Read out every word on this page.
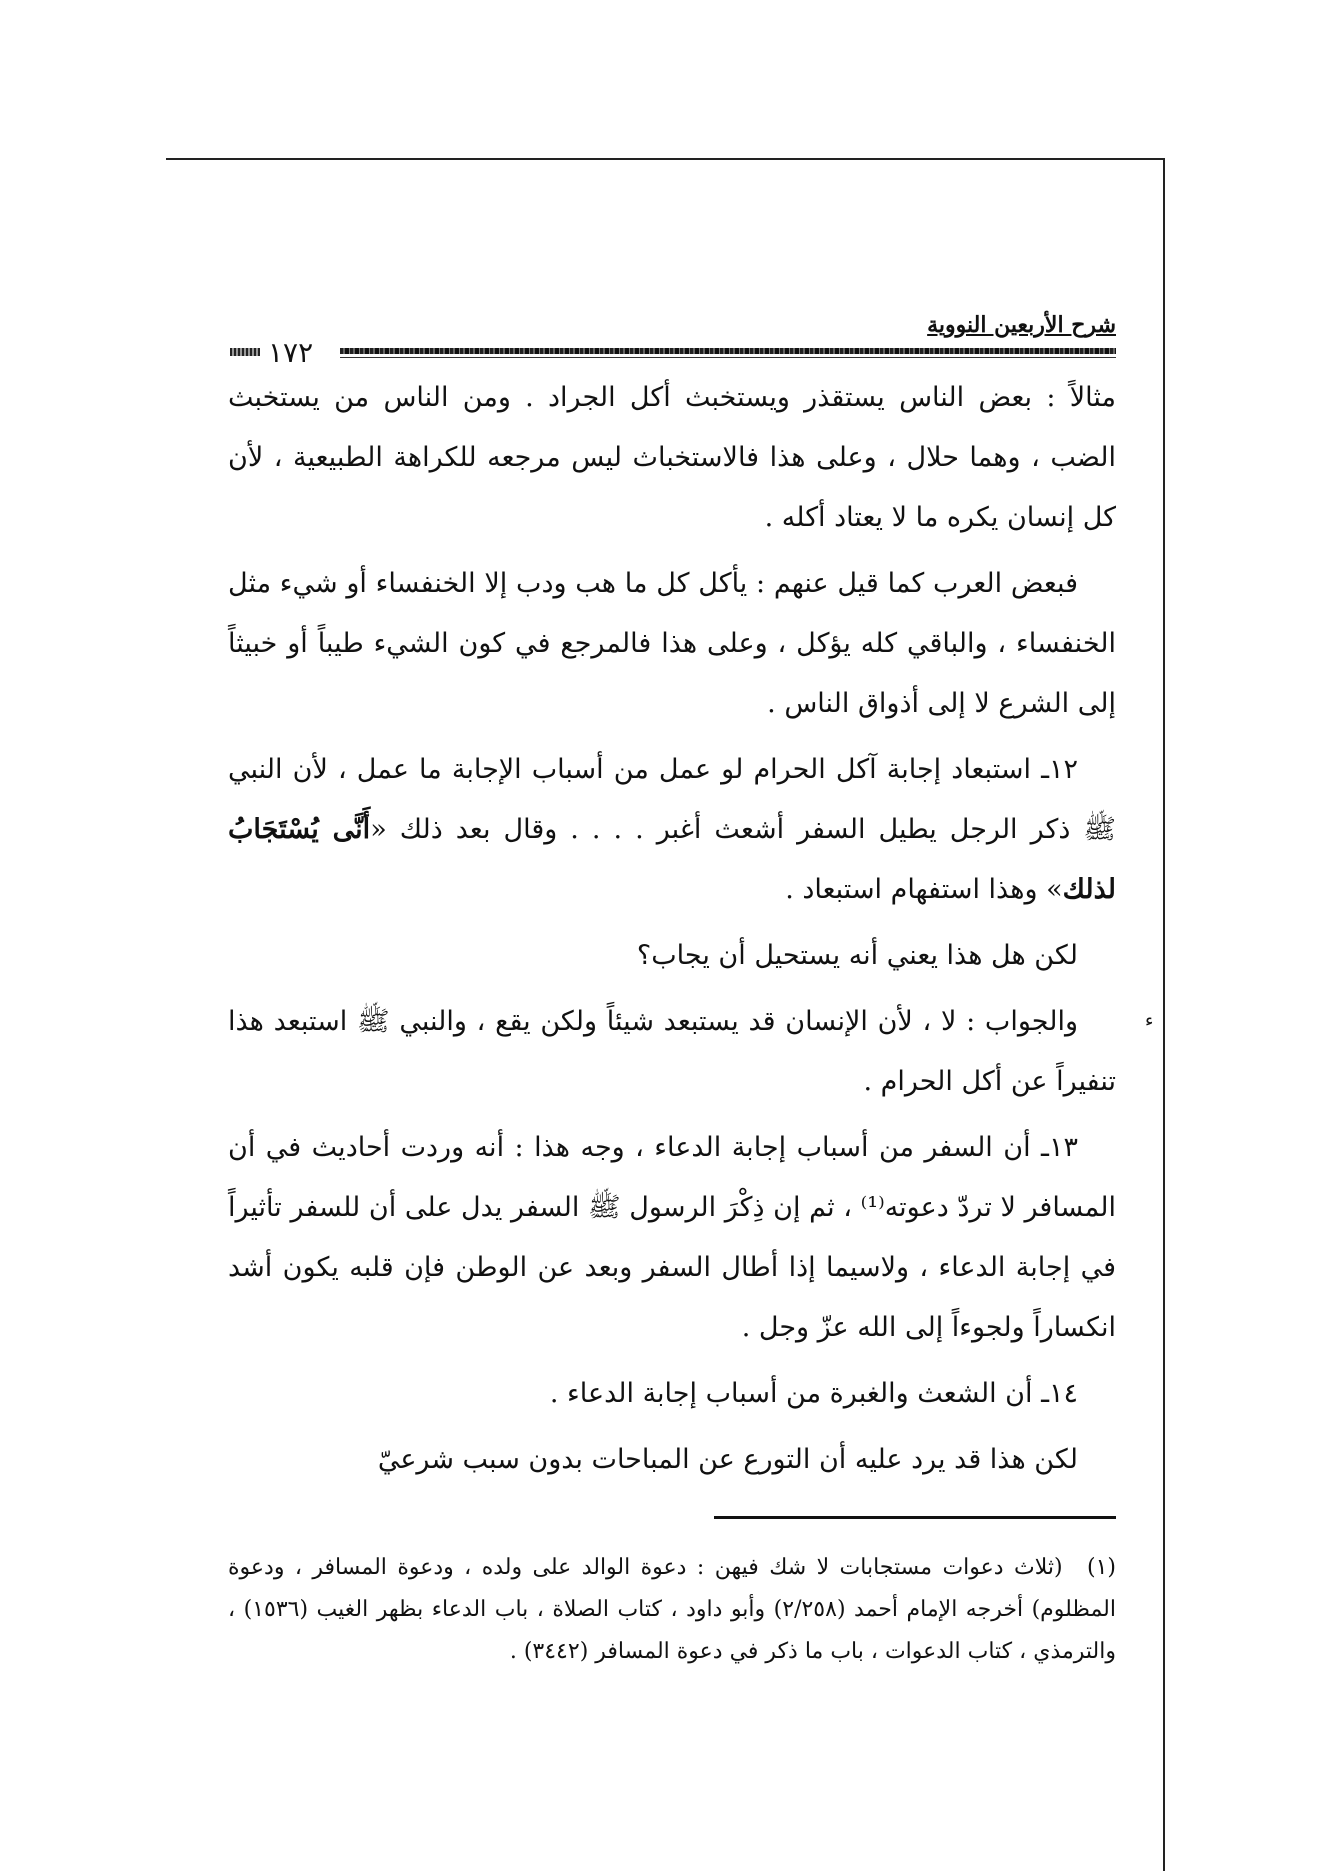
ء
شرح الأربعين النووية
١٧٢

مثالاً : بعض الناس يستقذر ويستخبث أكل الجراد . ومن الناس من يستخبث الضب ، وهما حلال ، وعلى هذا فالاستخباث ليس مرجعه للكراهة الطبيعية ، لأن كل إنسان يكره ما لا يعتاد أكله .

فبعض العرب كما قيل عنهم : يأكل كل ما هب ودب إلا الخنفساء أو شيء مثل الخنفساء ، والباقي كله يؤكل ، وعلى هذا فالمرجع في كون الشيء طيباً أو خبيثاً إلى الشرع لا إلى أذواق الناس .

١٢ـ استبعاد إجابة آكل الحرام لو عمل من أسباب الإجابة ما عمل ، لأن النبي ﷺ ذكر الرجل يطيل السفر أشعث أغبر . . . . وقال بعد ذلك «أَنَّى يُسْتَجَابُ لذلك» وهذا استفهام استبعاد .

لكن هل هذا يعني أنه يستحيل أن يجاب؟

والجواب : لا ، لأن الإنسان قد يستبعد شيئاً ولكن يقع ، والنبي ﷺ استبعد هذا تنفيراً عن أكل الحرام .

١٣ـ أن السفر من أسباب إجابة الدعاء ، وجه هذا : أنه وردت أحاديث في أن المسافر لا تردّ دعوته⁽¹⁾ ، ثم إن ذِكْرَ الرسول ﷺ السفر يدل على أن للسفر تأثيراً في إجابة الدعاء ، ولاسيما إذا أطال السفر وبعد عن الوطن فإن قلبه يكون أشد انكساراً ولجوءاً إلى الله عزّ وجل .

١٤ـ أن الشعث والغبرة من أسباب إجابة الدعاء .

لكن هذا قد يرد عليه أن التورع عن المباحات بدون سبب شرعيّ

(١) (ثلاث دعوات مستجابات لا شك فيهن : دعوة الوالد على ولده ، ودعوة المسافر ، ودعوة المظلوم) أخرجه الإمام أحمد (٢/٢٥٨) وأبو داود ، كتاب الصلاة ، باب الدعاء بظهر الغيب (١٥٣٦) ، والترمذي ، كتاب الدعوات ، باب ما ذكر في دعوة المسافر (٣٤٤٢) .
